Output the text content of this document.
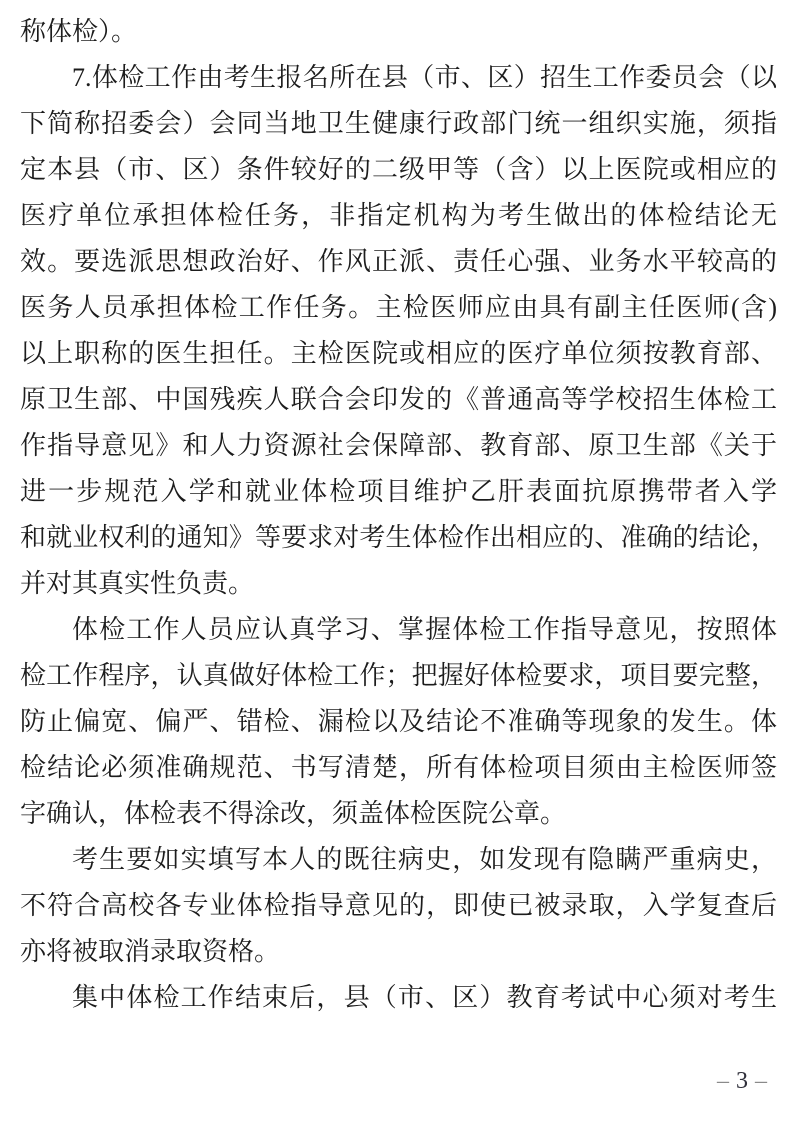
称体检）。
7.体检工作由考生报名所在县（市、区）招生工作委员会（以
下简称招委会）会同当地卫生健康行政部门统一组织实施，须指
定本县（市、区）条件较好的二级甲等（含）以上医院或相应的
医疗单位承担体检任务，非指定机构为考生做出的体检结论无
效。要选派思想政治好、作风正派、责任心强、业务水平较高的
医务人员承担体检工作任务。主检医师应由具有副主任医师(含)
以上职称的医生担任。主检医院或相应的医疗单位须按教育部、
原卫生部、中国残疾人联合会印发的《普通高等学校招生体检工
作指导意见》和人力资源社会保障部、教育部、原卫生部《关于
进一步规范入学和就业体检项目维护乙肝表面抗原携带者入学
和就业权利的通知》等要求对考生体检作出相应的、准确的结论，
并对其真实性负责。
体检工作人员应认真学习、掌握体检工作指导意见，按照体
检工作程序，认真做好体检工作；把握好体检要求，项目要完整，
防止偏宽、偏严、错检、漏检以及结论不准确等现象的发生。体
检结论必须准确规范、书写清楚，所有体检项目须由主检医师签
字确认，体检表不得涂改，须盖体检医院公章。
考生要如实填写本人的既往病史，如发现有隐瞒严重病史，
不符合高校各专业体检指导意见的，即使已被录取，入学复查后
亦将被取消录取资格。
集中体检工作结束后，县（市、区）教育考试中心须对考生
– 3 –
